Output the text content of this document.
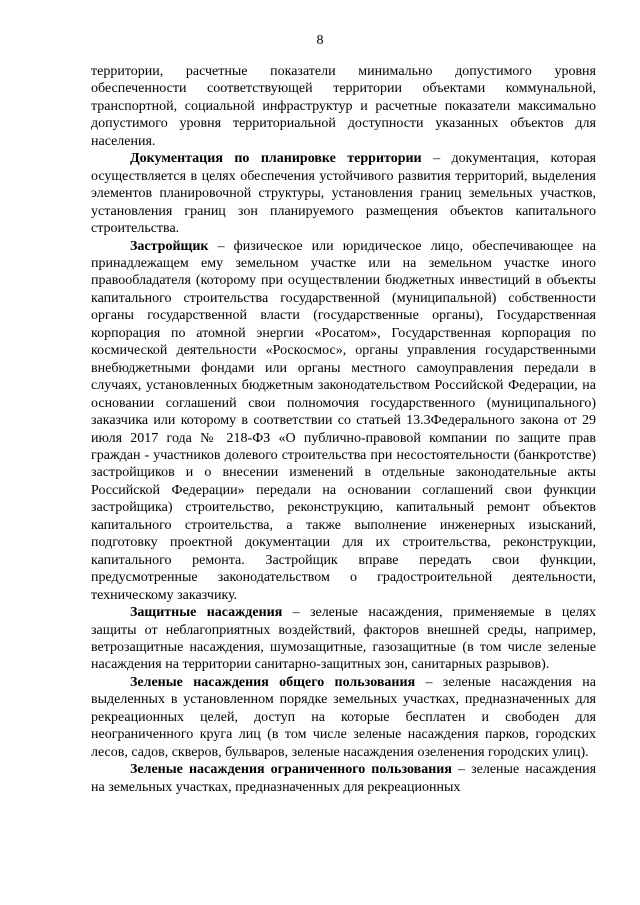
8

территории, расчетные показатели минимально допустимого уровня обеспеченности соответствующей территории объектами коммунальной, транспортной, социальной инфраструктур и расчетные показатели максимально допустимого уровня территориальной доступности указанных объектов для населения.

Документация по планировке территории – документация, которая осуществляется в целях обеспечения устойчивого развития территорий, выделения элементов планировочной структуры, установления границ земельных участков, установления границ зон планируемого размещения объектов капитального строительства.

Застройщик – физическое или юридическое лицо, обеспечивающее на принадлежащем ему земельном участке или на земельном участке иного правообладателя (которому при осуществлении бюджетных инвестиций в объекты капитального строительства государственной (муниципальной) собственности органы государственной власти (государственные органы), Государственная корпорация по атомной энергии «Росатом», Государственная корпорация по космической деятельности «Роскосмос», органы управления государственными внебюджетными фондами или органы местного самоуправления передали в случаях, установленных бюджетным законодательством Российской Федерации, на основании соглашений свои полномочия государственного (муниципального) заказчика или которому в соответствии со статьей 13.3Федерального закона от 29 июля 2017 года № 218-ФЗ «О публично-правовой компании по защите прав граждан - участников долевого строительства при несостоятельности (банкротстве) застройщиков и о внесении изменений в отдельные законодательные акты Российской Федерации» передали на основании соглашений свои функции застройщика) строительство, реконструкцию, капитальный ремонт объектов капитального строительства, а также выполнение инженерных изысканий, подготовку проектной документации для их строительства, реконструкции, капитального ремонта. Застройщик вправе передать свои функции, предусмотренные законодательством о градостроительной деятельности, техническому заказчику.

Защитные насаждения – зеленые насаждения, применяемые в целях защиты от неблагоприятных воздействий, факторов внешней среды, например, ветрозащитные насаждения, шумозащитные, газозащитные (в том числе зеленые насаждения на территории санитарно-защитных зон, санитарных разрывов).

Зеленые насаждения общего пользования – зеленые насаждения на выделенных в установленном порядке земельных участках, предназначенных для рекреационных целей, доступ на которые бесплатен и свободен для неограниченного круга лиц (в том числе зеленые насаждения парков, городских лесов, садов, скверов, бульваров, зеленые насаждения озеленения городских улиц).

Зеленые насаждения ограниченного пользования – зеленые насаждения на земельных участках, предназначенных для рекреационных
